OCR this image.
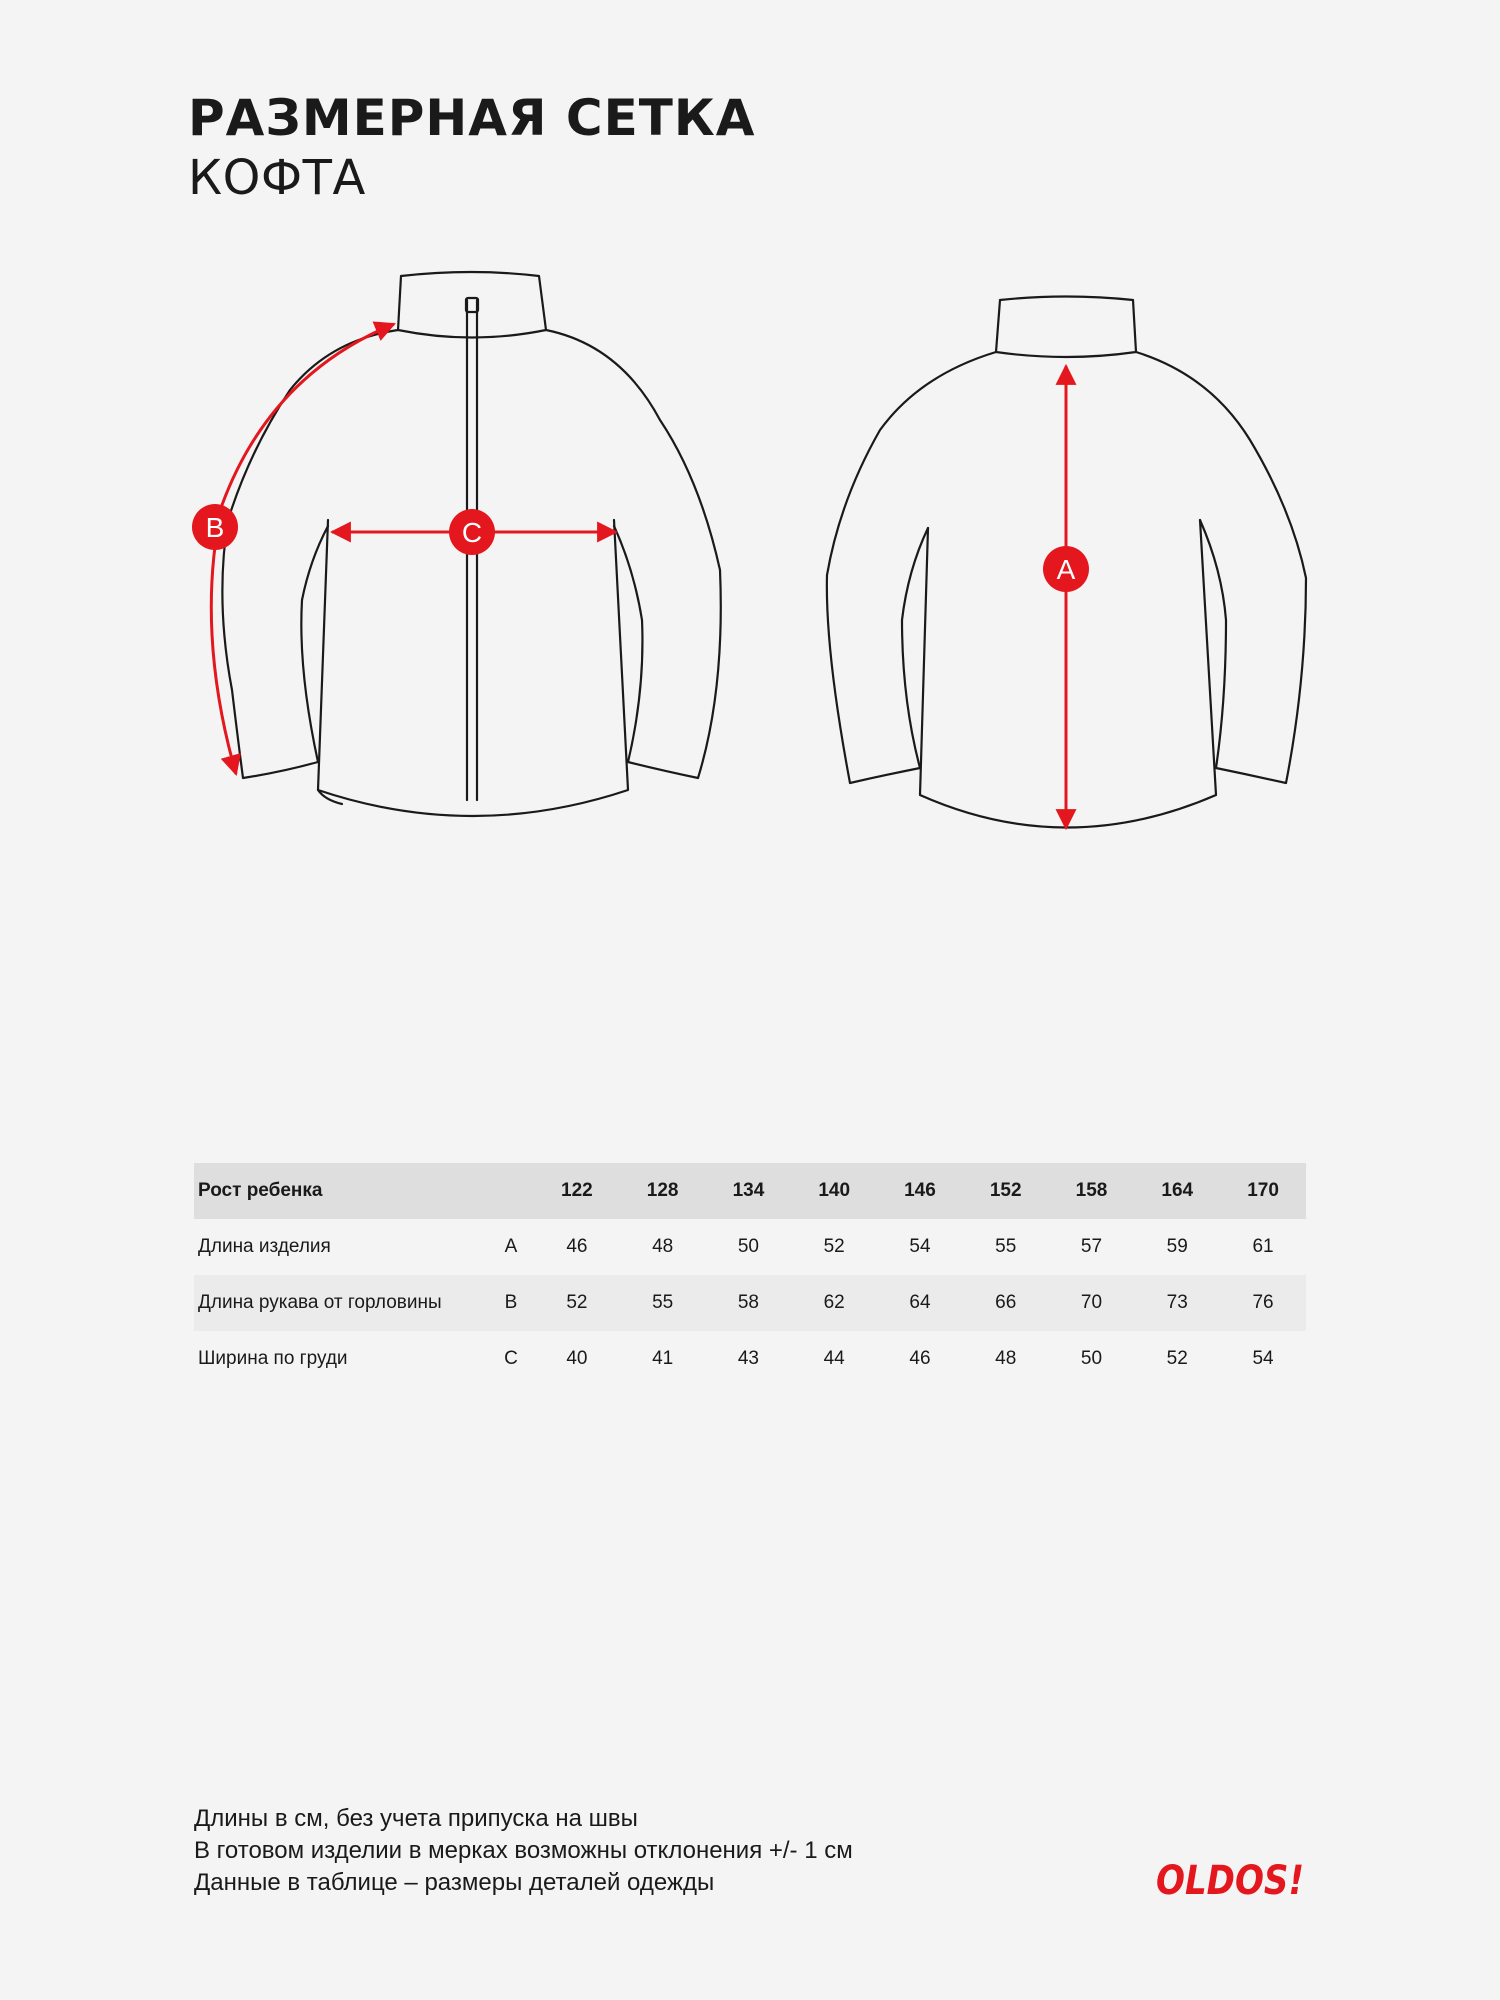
РАЗМЕРНАЯ СЕТКА
КОФТА
B	C
A
Рост ребенка		122	128	134	140	146	152	158	164	170
Длина изделия	A	46	48	50	52	54	55	57	59	61
Длина рукава от горловины	B	52	55	58	62	64	66	70	73	76
Ширина по груди	C	40	41	43	44	46	48	50	52	54
Длины в см, без учета припуска на швы
В готовом изделии в мерках возможны отклонения +/- 1 см
Данные в таблице – размеры деталей одежды	OLDOS!
